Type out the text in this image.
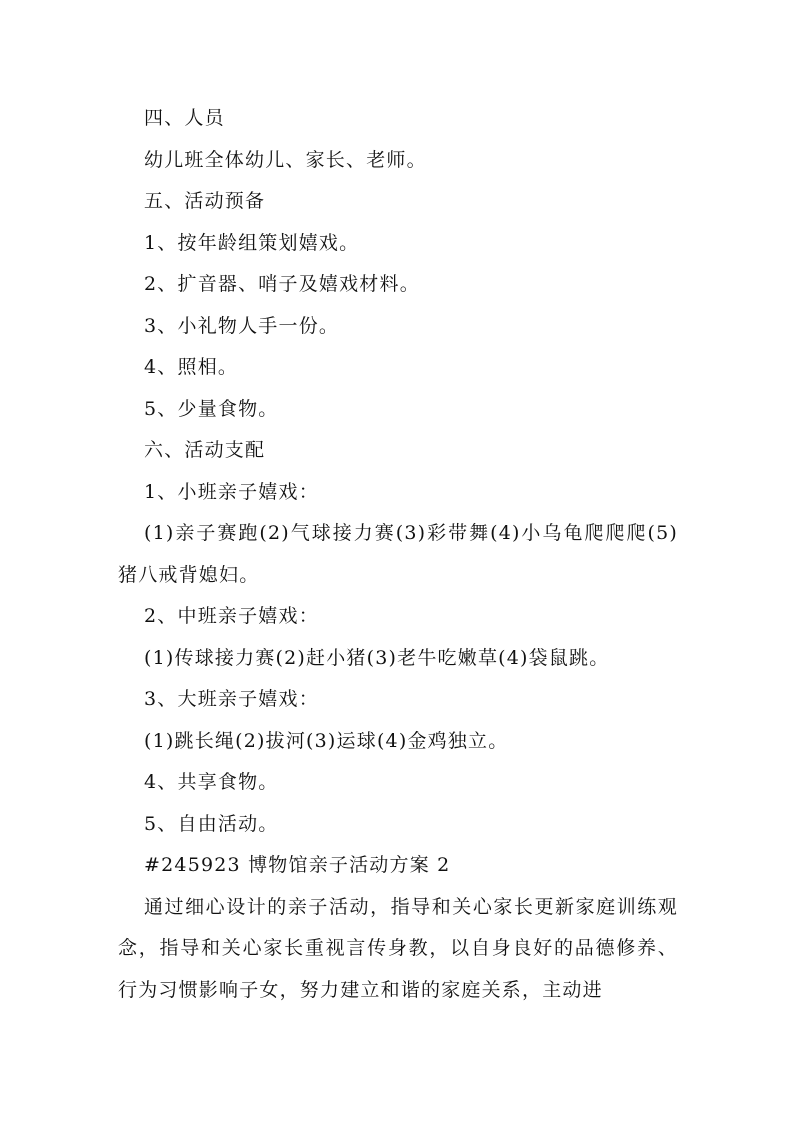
四、人员
幼儿班全体幼儿、家长、老师。
五、活动预备
1、按年龄组策划嬉戏。
2、扩音器、哨子及嬉戏材料。
3、小礼物人手一份。
4、照相。
5、少量食物。
六、活动支配
1、小班亲子嬉戏：

(1)亲子赛跑(2)气球接力赛(3)彩带舞(4)小乌龟爬爬爬(5)猪八戒背媳妇。

2、中班亲子嬉戏：
(1)传球接力赛(2)赶小猪(3)老牛吃嫩草(4)袋鼠跳。
3、大班亲子嬉戏：
(1)跳长绳(2)拔河(3)运球(4)金鸡独立。
4、共享食物。
5、自由活动。
#245923 博物馆亲子活动方案 2

通过细心设计的亲子活动，指导和关心家长更新家庭训练观念，指导和关心家长重视言传身教，以自身良好的品德修养、行为习惯影响子女，努力建立和谐的家庭关系，主动进
